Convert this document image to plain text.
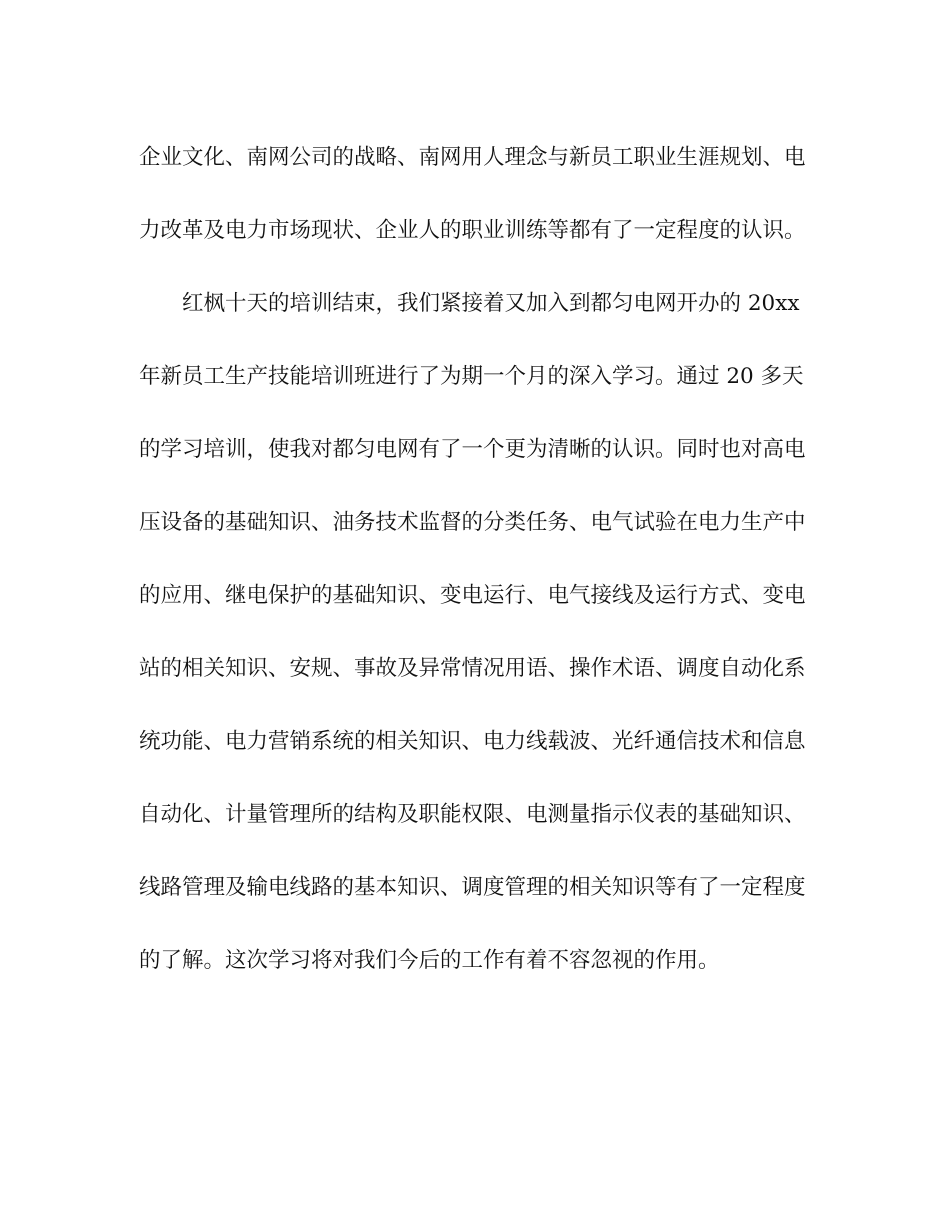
企业文化、南网公司的战略、南网用人理念与新员工职业生涯规划、电
力改革及电力市场现状、企业人的职业训练等都有了一定程度的认识。
红枫十天的培训结束，我们紧接着又加入到都匀电网开办的 20xx
年新员工生产技能培训班进行了为期一个月的深入学习。通过 20 多天
的学习培训，使我对都匀电网有了一个更为清晰的认识。同时也对高电
压设备的基础知识、油务技术监督的分类任务、电气试验在电力生产中
的应用、继电保护的基础知识、变电运行、电气接线及运行方式、变电
站的相关知识、安规、事故及异常情况用语、操作术语、调度自动化系
统功能、电力营销系统的相关知识、电力线载波、光纤通信技术和信息
自动化、计量管理所的结构及职能权限、电测量指示仪表的基础知识、
线路管理及输电线路的基本知识、调度管理的相关知识等有了一定程度
的了解。这次学习将对我们今后的工作有着不容忽视的作用。
